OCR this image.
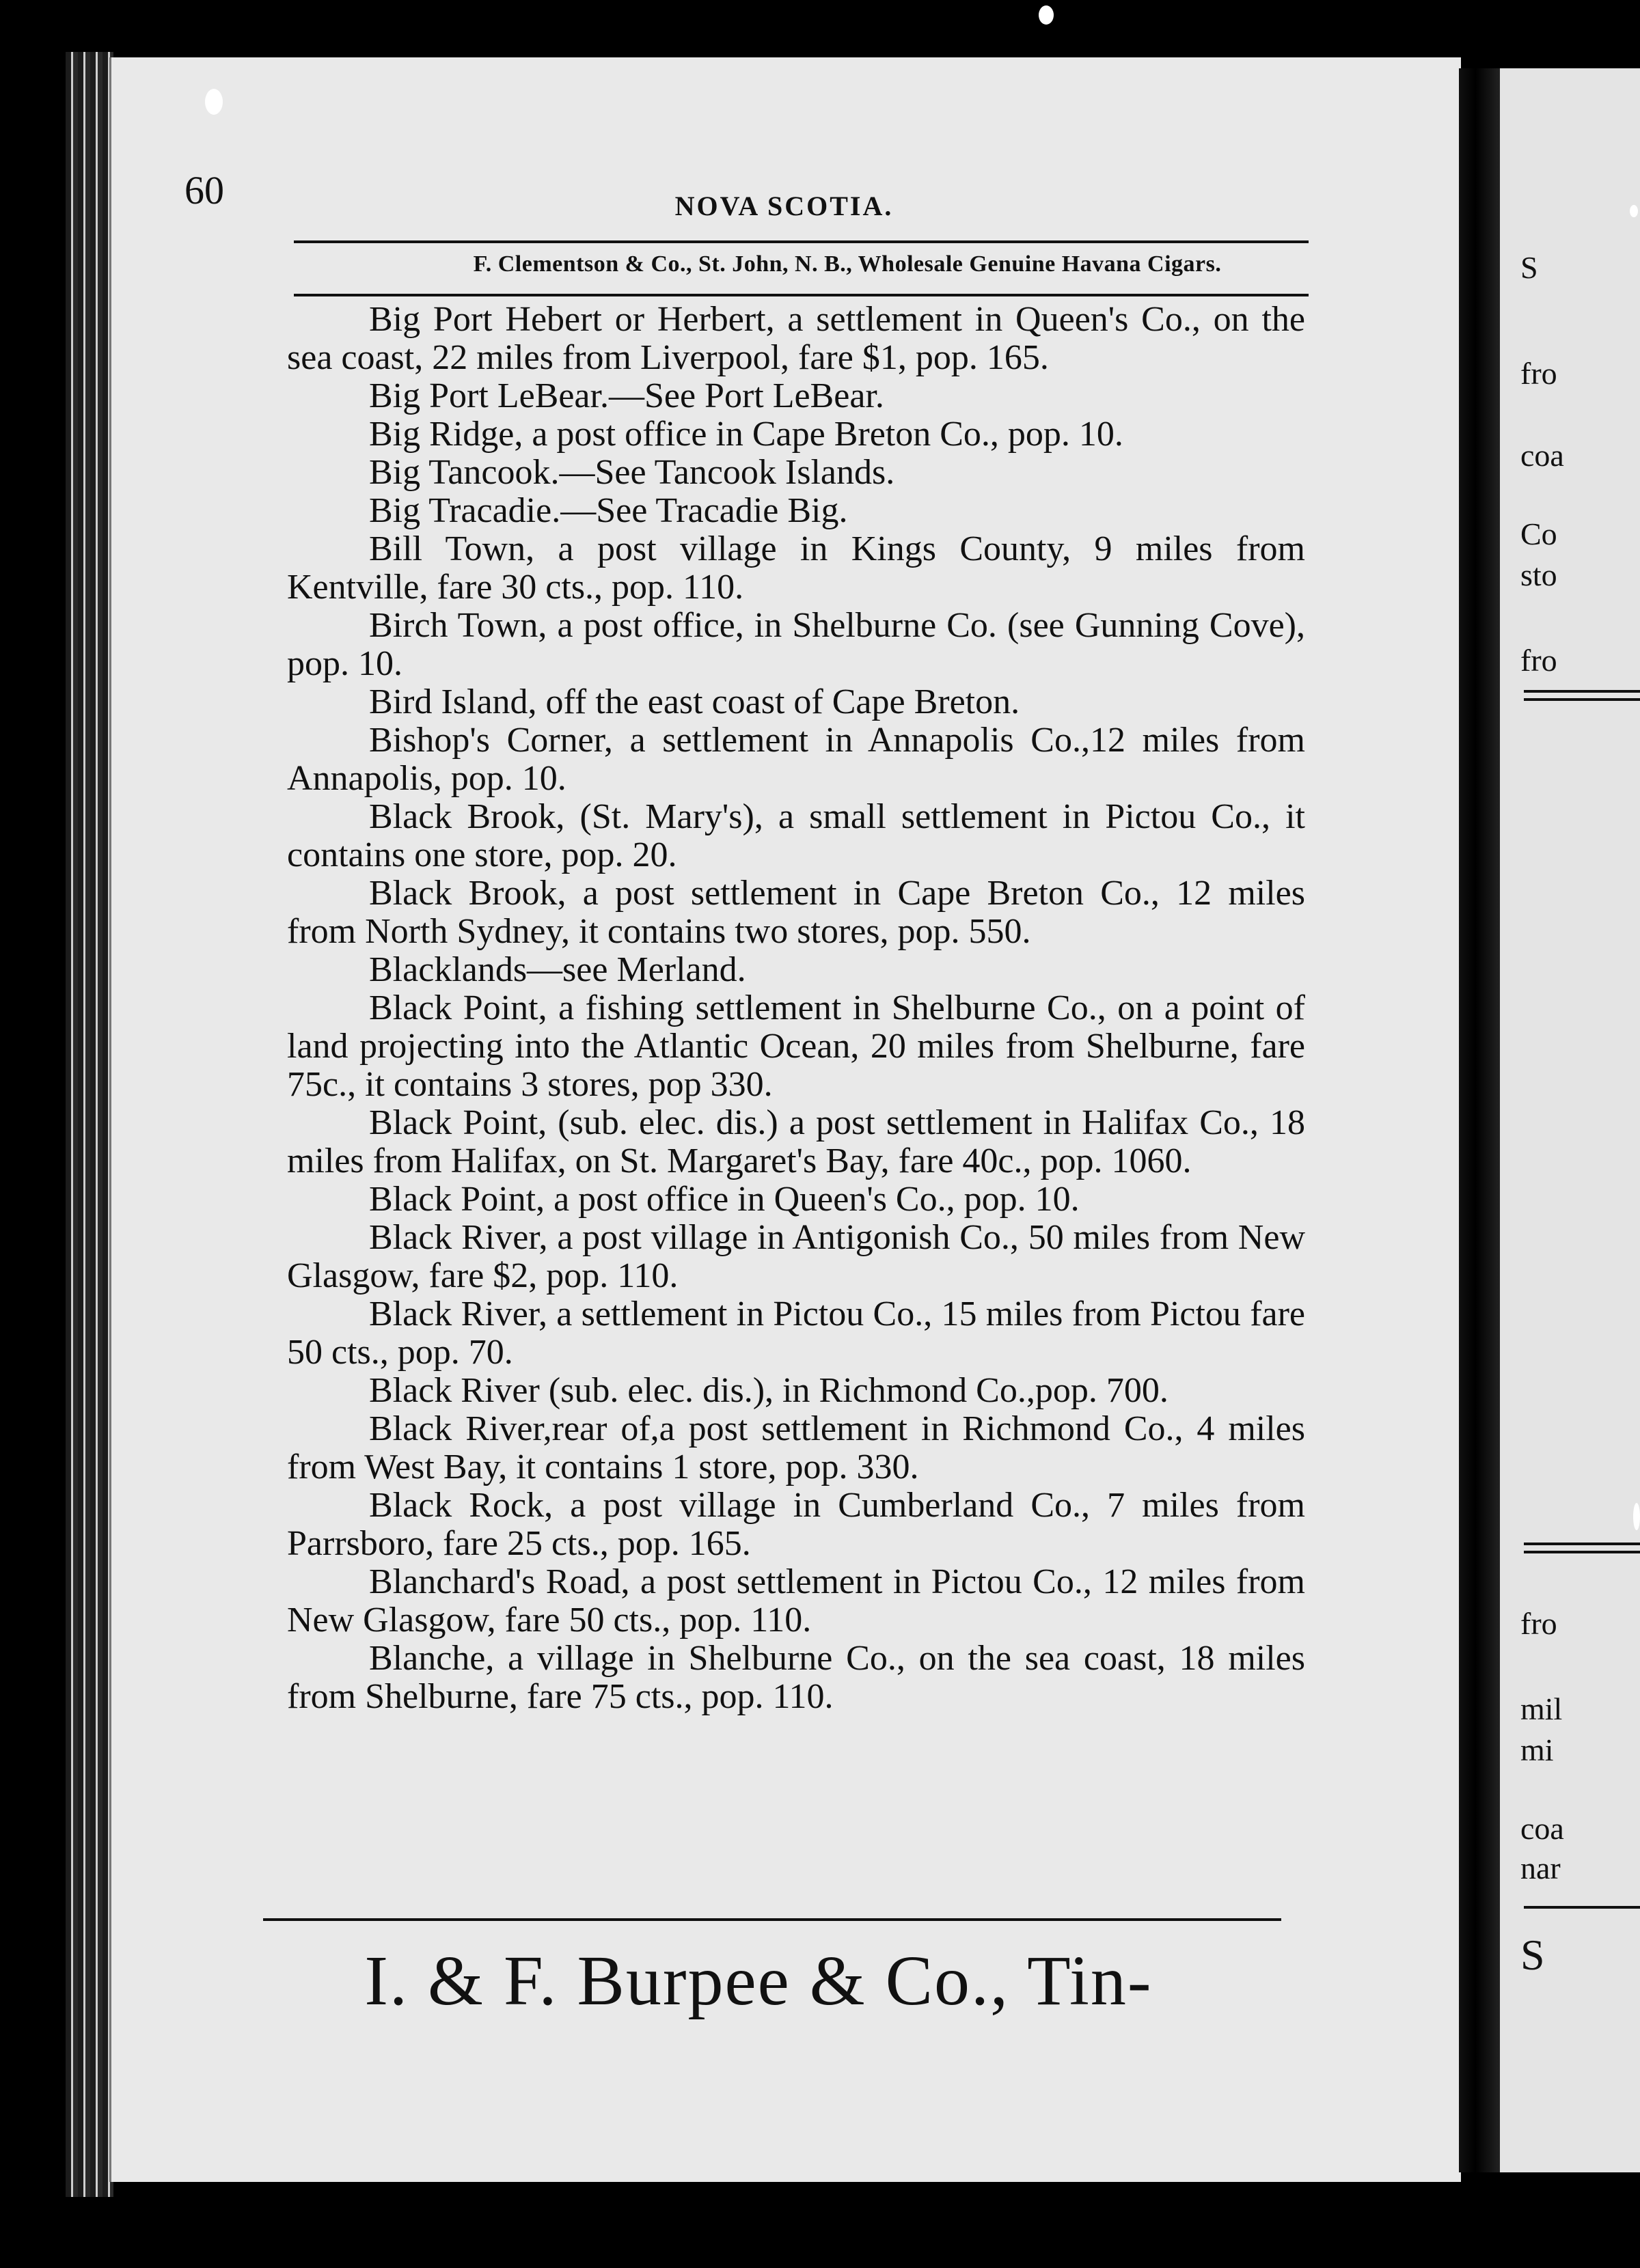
60	NOVA SCOTIA.
F. Clementson & Co., St. John, N. B., Wholesale Genuine Havana Cigars.

Big Port Hebert or Herbert, a settlement in Queen's Co., on the sea coast, 22 miles from Liverpool, fare $1, pop. 165.

Big Port LeBear.—See Port LeBear.

Big Ridge, a post office in Cape Breton Co., pop. 10.

Big Tancook.—See Tancook Islands.

Big Tracadie.—See Tracadie Big.

Bill Town, a post village in Kings County, 9 miles from Kentville, fare 30 cts., pop. 110.

Birch Town, a post office, in Shelburne Co. (see Gunning Cove), pop. 10.

Bird Island, off the east coast of Cape Breton.

Bishop's Corner, a settlement in Annapolis Co.,12 miles from Annapolis, pop. 10.

Black Brook, (St. Mary's), a small settlement in Pictou Co., it contains one store, pop. 20.

Black Brook, a post settlement in Cape Breton Co., 12 miles from North Sydney, it contains two stores, pop. 550.

Blacklands—see Merland.

Black Point, a fishing settlement in Shelburne Co., on a point of land projecting into the Atlantic Ocean, 20 miles from Shelburne, fare 75c., it contains 3 stores, pop 330.

Black Point, (sub. elec. dis.) a post settlement in Halifax Co., 18 miles from Halifax, on St. Margaret's Bay, fare 40c., pop. 1060.

Black Point, a post office in Queen's Co., pop. 10.

Black River, a post village in Antigonish Co., 50 miles from New Glasgow, fare $2, pop. 110.

Black River, a settlement in Pictou Co., 15 miles from Pictou fare 50 cts., pop. 70.

Black River (sub. elec. dis.), in Richmond Co.,pop. 700.

Black River,rear of,a post settlement in Richmond Co., 4 miles from West Bay, it contains 1 store, pop. 330.

Black Rock, a post village in Cumberland Co., 7 miles from Parrsboro, fare 25 cts., pop. 165.

Blanchard's Road, a post settlement in Pictou Co., 12 miles from New Glasgow, fare 50 cts., pop. 110.

Blanche, a village in Shelburne Co., on the sea coast, 18 miles from Shelburne, fare 75 cts., pop. 110.

I. & F. Burpee & Co., Tin-
S
fro
coa
Co
sto
fro
fro
mil
mi
coa
nar
S
